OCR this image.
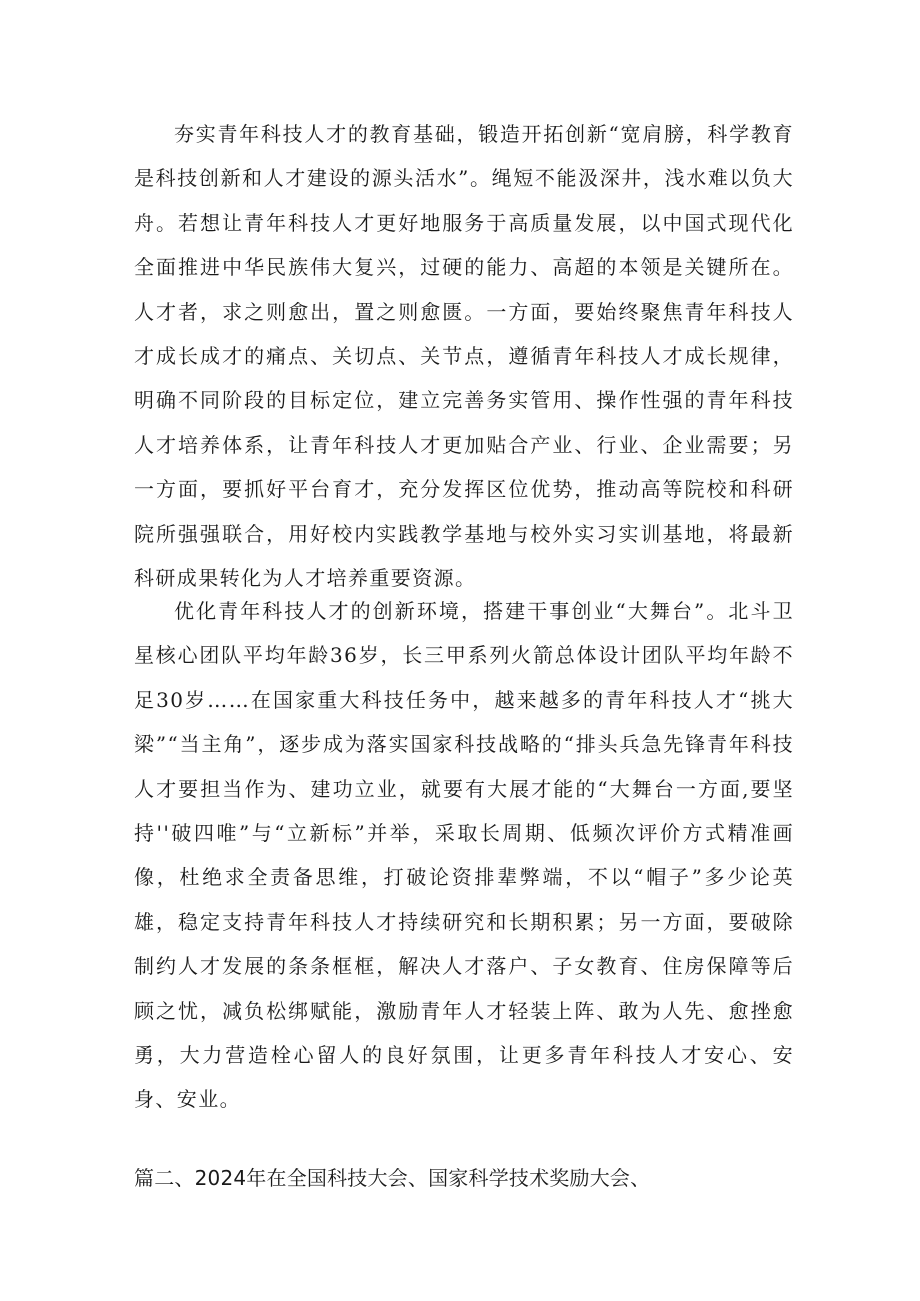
夯实青年科技人才的教育基础，锻造开拓创新“宽肩膀，科学教育是科技创新和人才建设的源头活水”。绳短不能汲深井，浅水难以负大舟。若想让青年科技人才更好地服务于高质量发展，以中国式现代化全面推进中华民族伟大复兴，过硬的能力、高超的本领是关键所在。人才者，求之则愈出，置之则愈匮。一方面，要始终聚焦青年科技人才成长成才的痛点、关切点、关节点，遵循青年科技人才成长规律，明确不同阶段的目标定位，建立完善务实管用、操作性强的青年科技人才培养体系，让青年科技人才更加贴合产业、行业、企业需要；另一方面，要抓好平台育才，充分发挥区位优势，推动高等院校和科研院所强强联合，用好校内实践教学基地与校外实习实训基地，将最新科研成果转化为人才培养重要资源。

优化青年科技人才的创新环境，搭建干事创业“大舞台”。北斗卫星核心团队平均年龄36岁，长三甲系列火箭总体设计团队平均年龄不足30岁……在国家重大科技任务中，越来越多的青年科技人才“挑大梁”“当主角”，逐步成为落实国家科技战略的“排头兵急先锋青年科技人才要担当作为、建功立业，就要有大展才能的“大舞台一方面,要坚持''破四唯”与“立新标”并举，采取长周期、低频次评价方式精准画像，杜绝求全责备思维，打破论资排辈弊端，不以“帽子”多少论英雄，稳定支持青年科技人才持续研究和长期积累；另一方面，要破除制约人才发展的条条框框，解决人才落户、子女教育、住房保障等后顾之忧，减负松绑赋能，激励青年人才轻装上阵、敢为人先、愈挫愈勇，大力营造栓心留人的良好氛围，让更多青年科技人才安心、安身、安业。

篇二、2024年在全国科技大会、国家科学技术奖励大会、
